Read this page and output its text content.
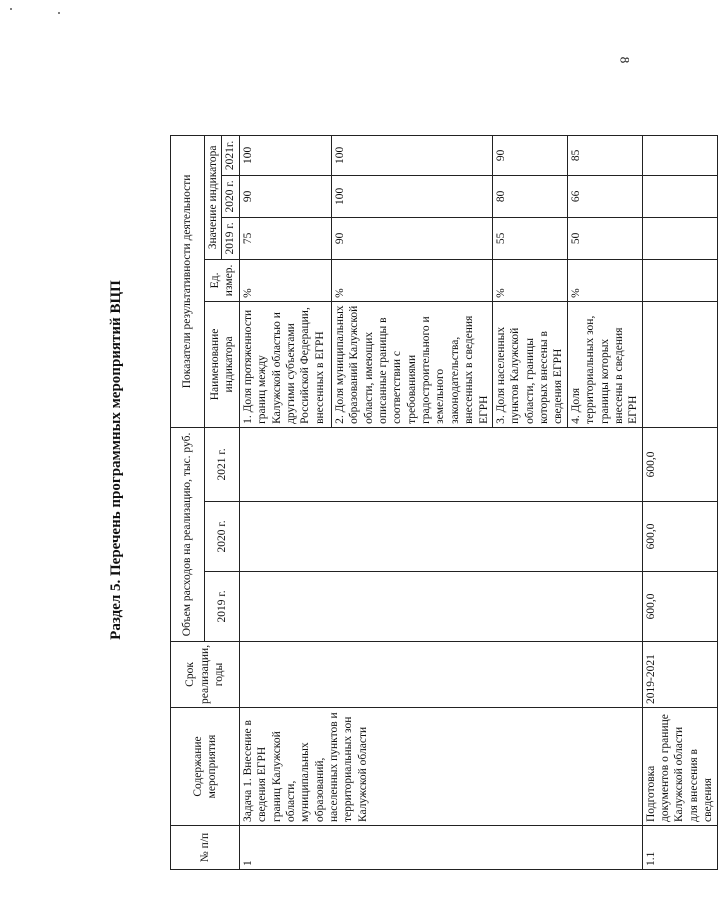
8
Раздел 5. Перечень программных мероприятий ВЦП
№ п/п	Содержание мероприятия	Срок реализации, годы	Объем расходов на реализацию, тыс. руб.			Показатели результативности деятельности				
			2019 г.	2020 г.	2021 г.	Наименование индикатора	Ед. измер.	Значение индикатора		
								2019 г.	2020 г.	2021г.
1	Задача 1. Внесение в сведения ЕГРН границ Калужской области, муниципальных образований, населенных пунктов и территориальных зон Калужской области					1. Доля протяженности границ между Калужской областью и другими субъектами Российской Федерации, внесенных в ЕГРН	%	75	90	100
						2. Доля муниципальных образований Калужской области, имеющих описанные границы в соответствии с требованиями градостроительного и земельного законодательства, внесенных в сведения ЕГРН	%	90	100	100
						3. Доля населенных пунктов Калужской области, границы которых внесены в сведения ЕГРН	%	55	80	90
						4. Доля территориальных зон, границы которых внесены в сведения ЕГРН	%	50	66	85
1.1	Подготовка документов о границе Калужской области для внесения в сведения	2019-2021	600,0	600,0	600,0					
